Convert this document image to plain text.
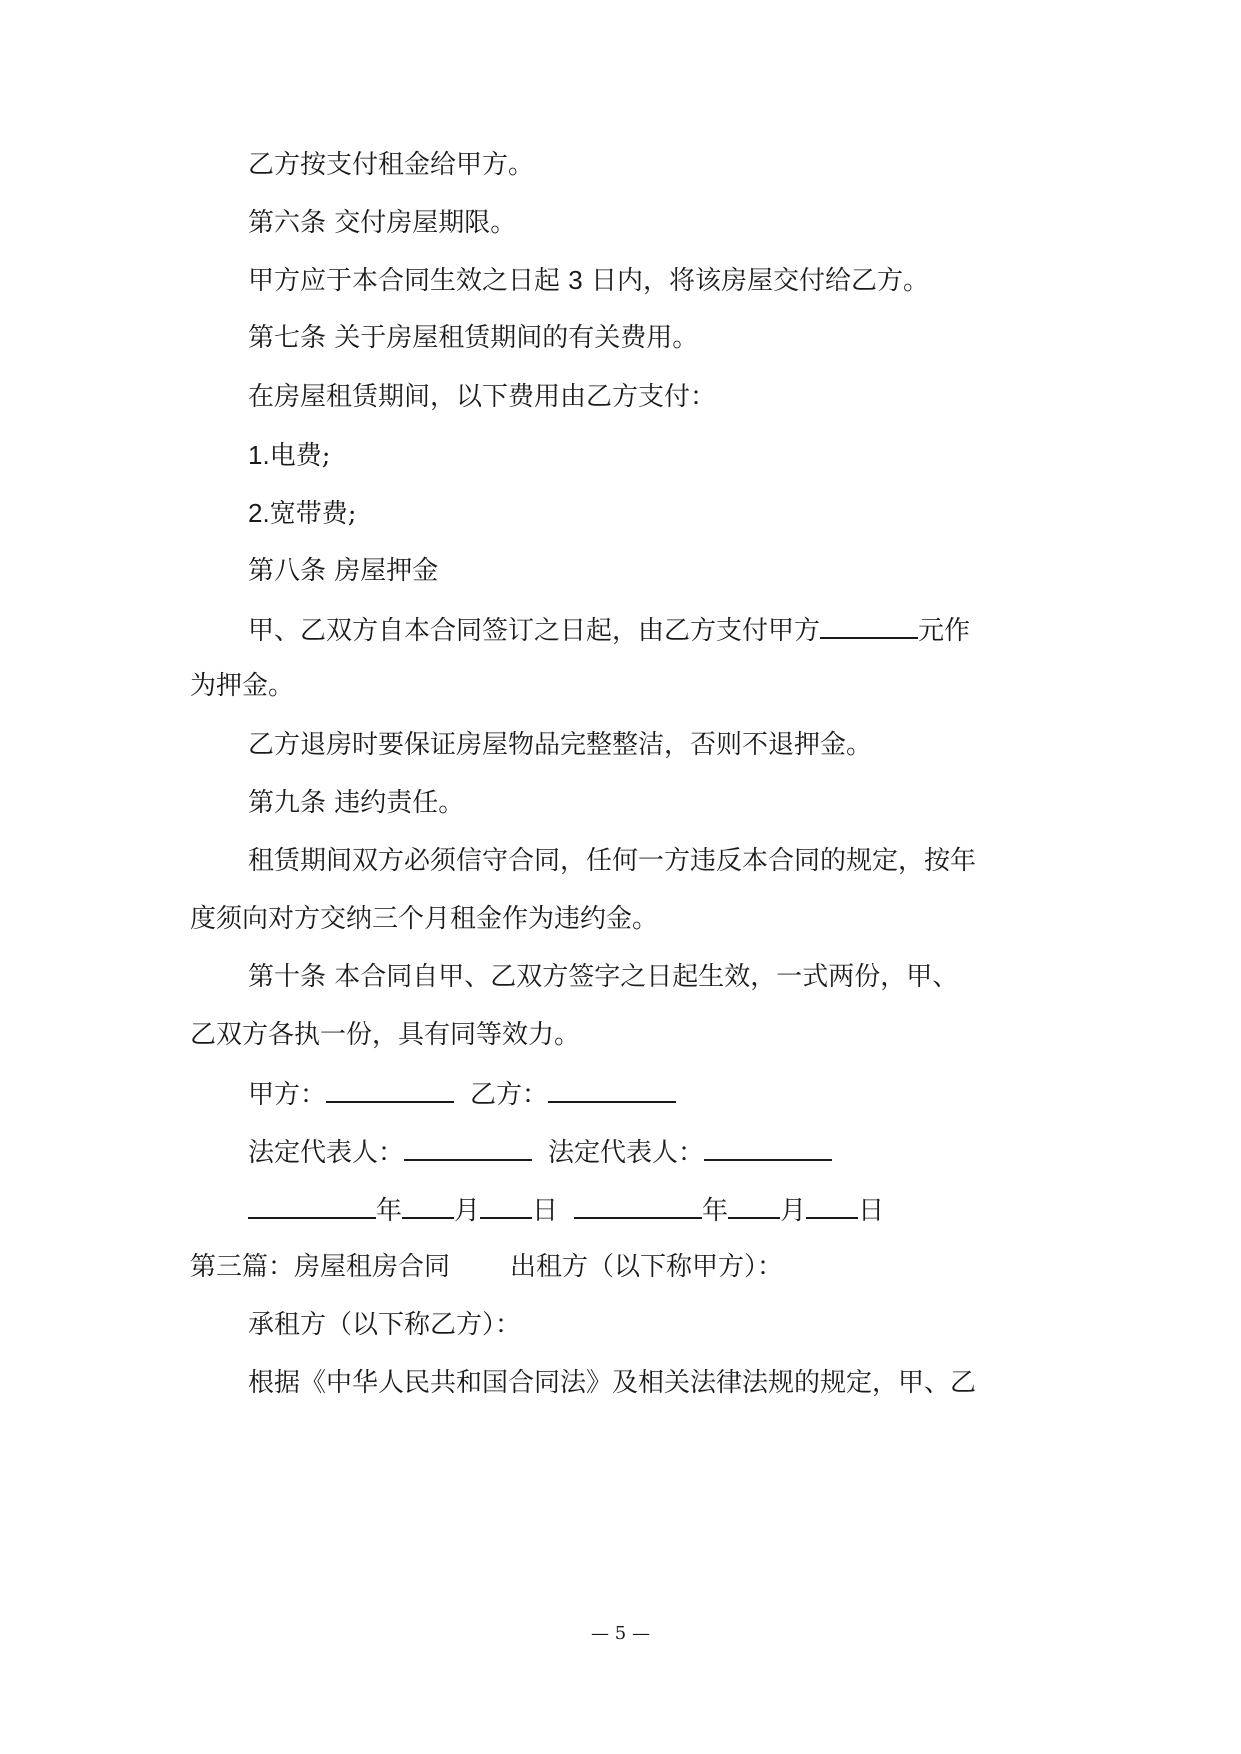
乙方按支付租金给甲方。
第六条 交付房屋期限。
甲方应于本合同生效之日起 3 日内，将该房屋交付给乙方。
第七条 关于房屋租赁期间的有关费用。
在房屋租赁期间，以下费用由乙方支付：
1.电费;
2.宽带费;
第八条 房屋押金
甲、乙双方自本合同签订之日起，由乙方支付甲方	元作
为押金。
乙方退房时要保证房屋物品完整整洁，否则不退押金。
第九条 违约责任。
租赁期间双方必须信守合同，任何一方违反本合同的规定，按年
度须向对方交纳三个月租金作为违约金。
第十条 本合同自甲、乙双方签字之日起生效，一式两份，甲、
乙双方各执一份，具有同等效力。
甲方：	乙方：
法定代表人：	法定代表人：
年 月 日	年 月 日
第三篇：房屋租房合同 出租方（以下称甲方）：
承租方（以下称乙方）：
根据《中华人民共和国合同法》及相关法律法规的规定，甲、乙
— 5 —
